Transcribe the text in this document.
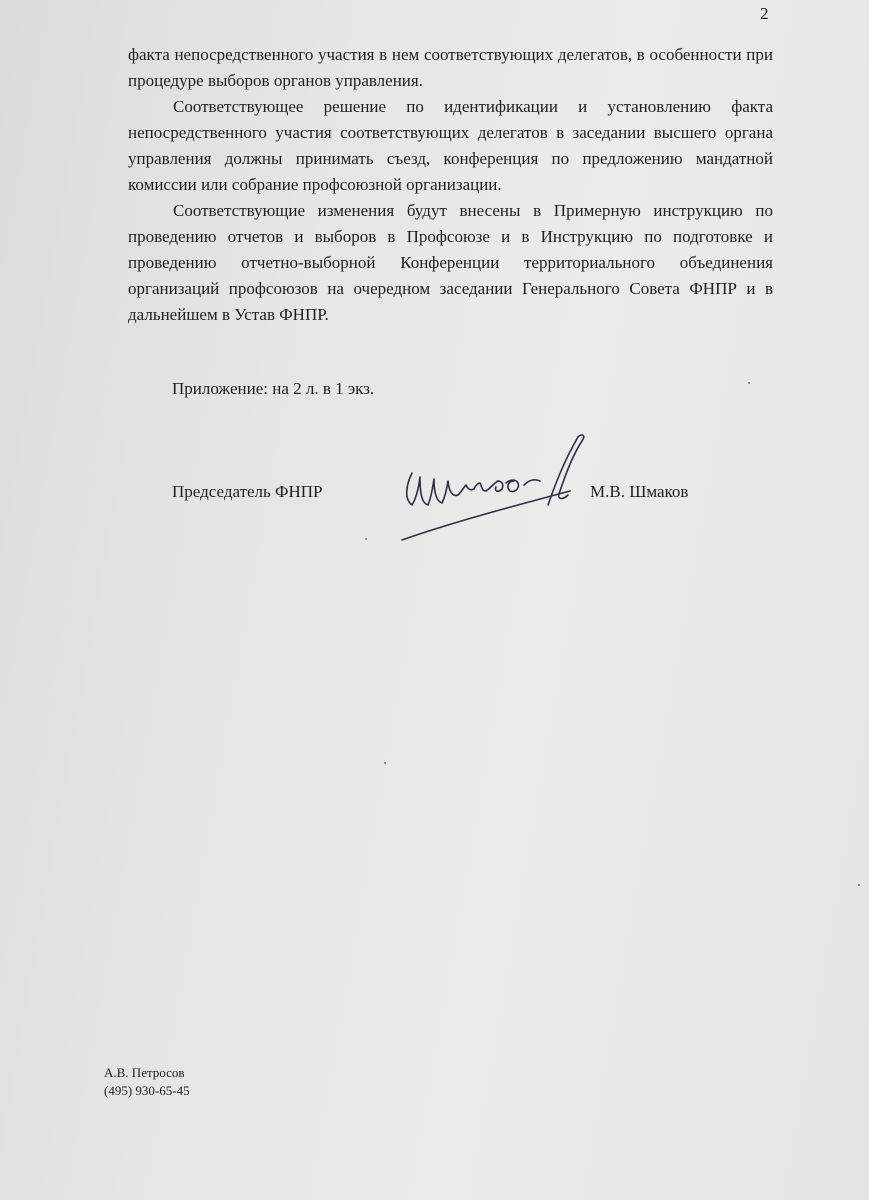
2

факта непосредственного участия в нем соответствующих делегатов, в особенности при процедуре выборов органов управления.

Соответствующее решение по идентификации и установлению факта непосредственного участия соответствующих делегатов в заседании высшего органа управления должны принимать съезд, конференция по предложению мандатной комиссии или собрание профсоюзной организации.

Соответствующие изменения будут внесены в Примерную инструкцию по проведению отчетов и выборов в Профсоюзе и в Инструкцию по подготовке и проведению отчетно-выборной Конференции территориального объединения организаций профсоюзов на очередном заседании Генерального Совета ФНПР и в дальнейшем в Устав ФНПР.

Приложение: на 2 л. в 1 экз.
Председатель ФНПР	М.В. Шмаков
А.В. Петросов
(495) 930-65-45
